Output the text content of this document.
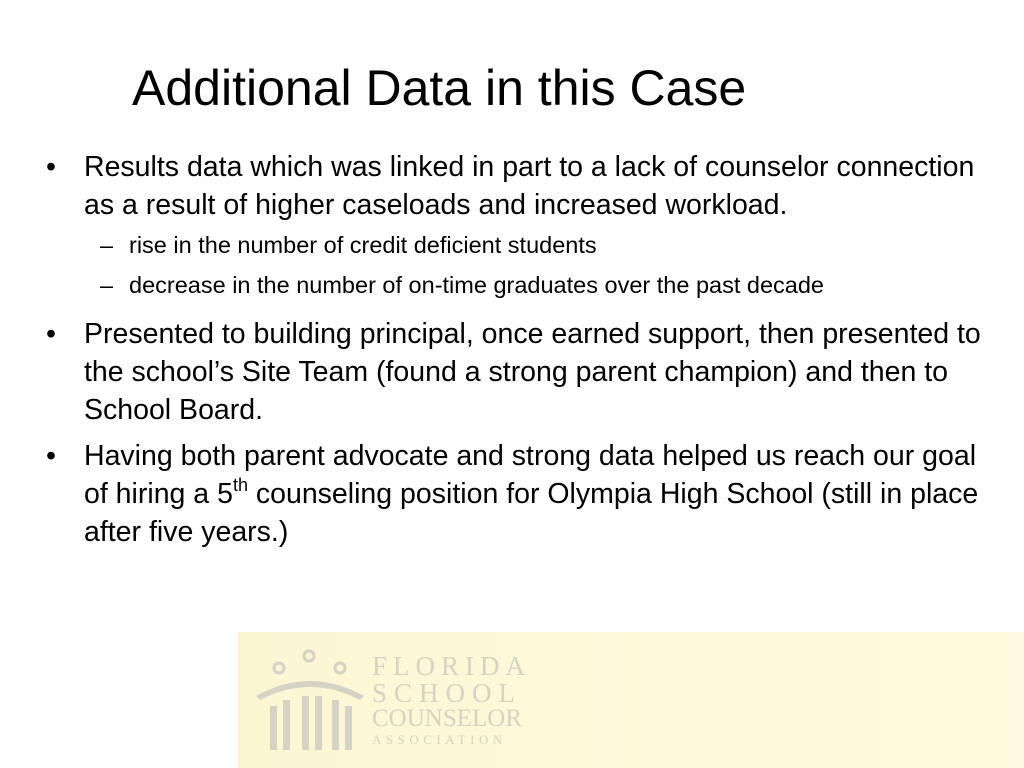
Additional Data in this Case
• Results data which was linked in part to a lack of counselor connection as a result of higher caseloads and increased workload.
– rise in the number of credit deficient students
– decrease in the number of on-time graduates over the past decade
• Presented to building principal, once earned support, then presented to the school’s Site Team (found a strong parent champion) and then to School Board.
• Having both parent advocate and strong data helped us reach our goal of hiring a 5th counseling position for Olympia High School (still in place after five years.)
FLORIDA
SCHOOL
COUNSELOR
ASSOCIATION
